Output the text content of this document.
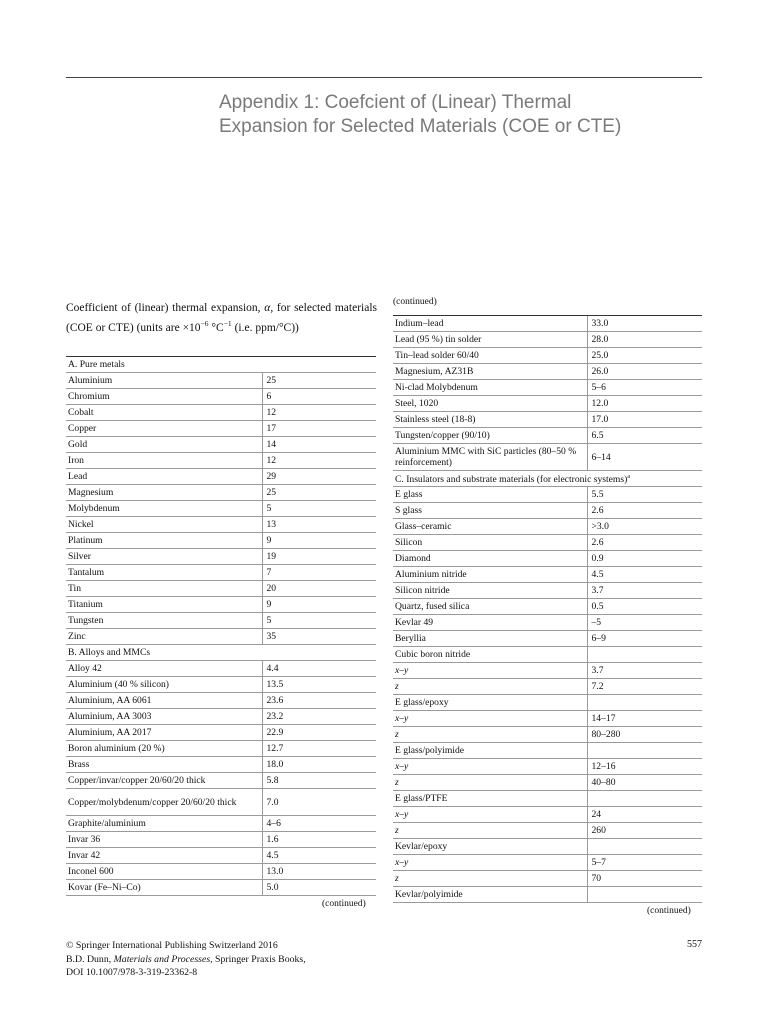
Appendix 1: Coefcient of (Linear) Thermal
Expansion for Selected Materials (COE or CTE)
Coefficient of (linear) thermal expansion, α, for selected materials (COE or CTE) (units are $\times 10^{-6}$ $^\circ C^{-1}$ (i.e. ppm/°C))
A. Pure metals	
Aluminium	25
Chromium	6
Cobalt	12
Copper	17
Gold	14
Iron	12
Lead	29
Magnesium	25
Molybdenum	5
Nickel	13
Platinum	9
Silver	19
Tantalum	7
Tin	20
Titanium	9
Tungsten	5
Zinc	35
B. Alloys and MMCs	
Alloy 42	4.4
Aluminium (40 % silicon)	13.5
Aluminium, AA 6061	23.6
Aluminium, AA 3003	23.2
Aluminium, AA 2017	22.9
Boron aluminium (20 %)	12.7
Brass	18.0
Copper/invar/copper 20/60/20 thick	5.8
Copper/molybdenum/copper 20/60/20 thick	7.0
Graphite/aluminium	4–6
Invar 36	1.6
Invar 42	4.5
Inconel 600	13.0
Kovar (Fe–Ni–Co)	5.0
(continued)
(continued)
Indium–lead	33.0
Lead (95 %) tin solder	28.0
Tin–lead solder 60/40	25.0
Magnesium, AZ31B	26.0
Ni-clad Molybdenum	5–6
Steel, 1020	12.0
Stainless steel (18-8)	17.0
Tungsten/copper (90/10)	6.5
Aluminium MMC with SiC particles (80–50 % reinforcement)	6–14
C. Insulators and substrate materials (for electronic systems)$^a$
E glass	5.5
S glass	2.6
Glass–ceramic	>3.0
Silicon	2.6
Diamond	0.9
Aluminium nitride	4.5
Silicon nitride	3.7
Quartz, fused silica	0.5
Kevlar 49	–5
Beryllia	6–9
Cubic boron nitride	
x–y	3.7
z	7.2
E glass/epoxy	
x–y	14–17
z	80–280
E glass/polyimide	
x–y	12–16
z	40–80
E glass/PTFE	
x–y	24
z	260
Kevlar/epoxy	
x–y	5–7
z	70
Kevlar/polyimide	
(continued)
© Springer International Publishing Switzerland 2016
B.D. Dunn, Materials and Processes, Springer Praxis Books,
DOI 10.1007/978-3-319-23362-8
557
